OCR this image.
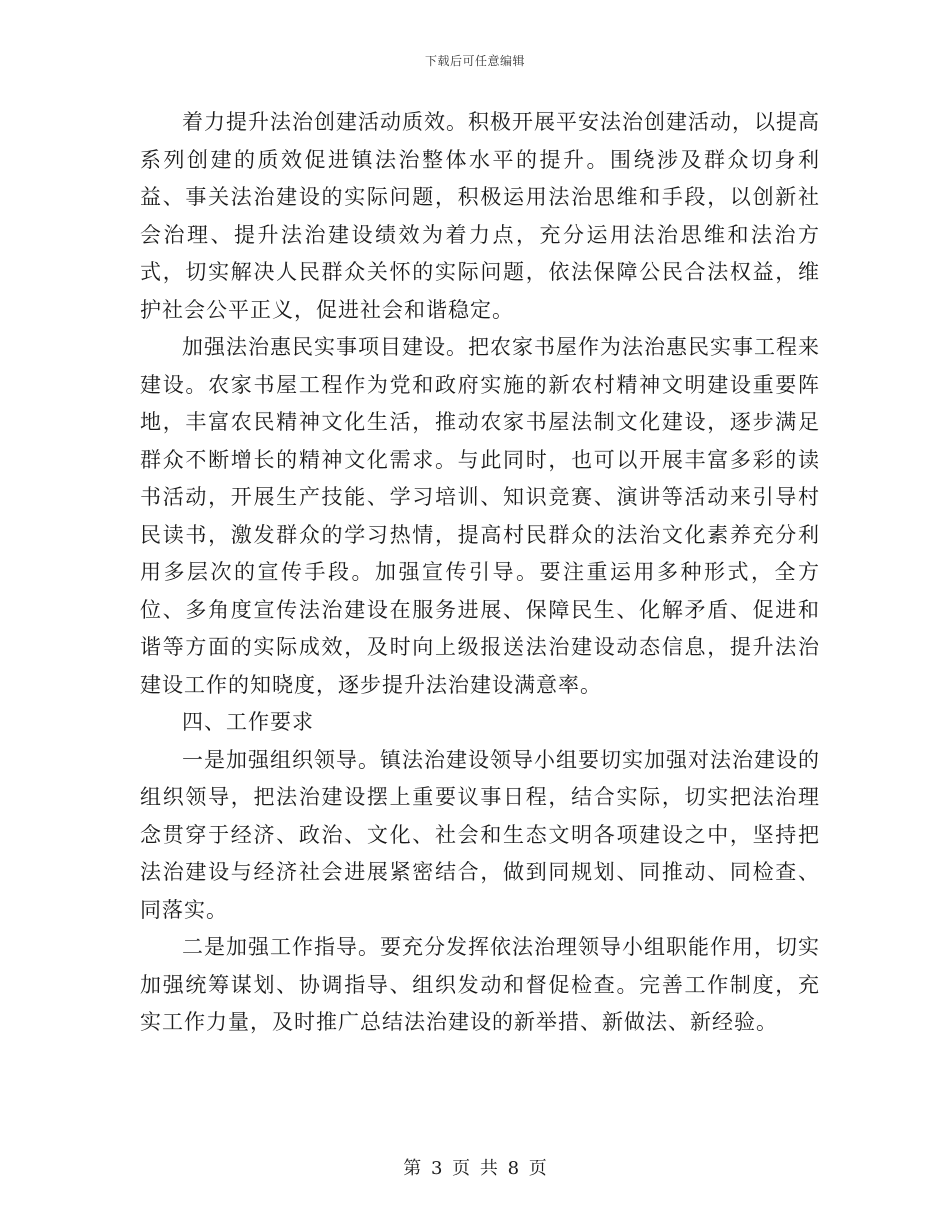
下载后可任意编辑

着力提升法治创建活动质效。积极开展平安法治创建活动，以提高系列创建的质效促进镇法治整体水平的提升。围绕涉及群众切身利益、事关法治建设的实际问题，积极运用法治思维和手段，以创新社会治理、提升法治建设绩效为着力点，充分运用法治思维和法治方式，切实解决人民群众关怀的实际问题，依法保障公民合法权益，维护社会公平正义，促进社会和谐稳定。

加强法治惠民实事项目建设。把农家书屋作为法治惠民实事工程来建设。农家书屋工程作为党和政府实施的新农村精神文明建设重要阵地，丰富农民精神文化生活，推动农家书屋法制文化建设，逐步满足群众不断增长的精神文化需求。与此同时，也可以开展丰富多彩的读书活动，开展生产技能、学习培训、知识竞赛、演讲等活动来引导村民读书，激发群众的学习热情，提高村民群众的法治文化素养充分利用多层次的宣传手段。加强宣传引导。要注重运用多种形式，全方位、多角度宣传法治建设在服务进展、保障民生、化解矛盾、促进和谐等方面的实际成效，及时向上级报送法治建设动态信息，提升法治建设工作的知晓度，逐步提升法治建设满意率。

四、工作要求

一是加强组织领导。镇法治建设领导小组要切实加强对法治建设的组织领导，把法治建设摆上重要议事日程，结合实际，切实把法治理念贯穿于经济、政治、文化、社会和生态文明各项建设之中，坚持把法治建设与经济社会进展紧密结合，做到同规划、同推动、同检查、同落实。

二是加强工作指导。要充分发挥依法治理领导小组职能作用，切实加强统筹谋划、协调指导、组织发动和督促检查。完善工作制度，充实工作力量，及时推广总结法治建设的新举措、新做法、新经验。

第 3 页 共 8 页
